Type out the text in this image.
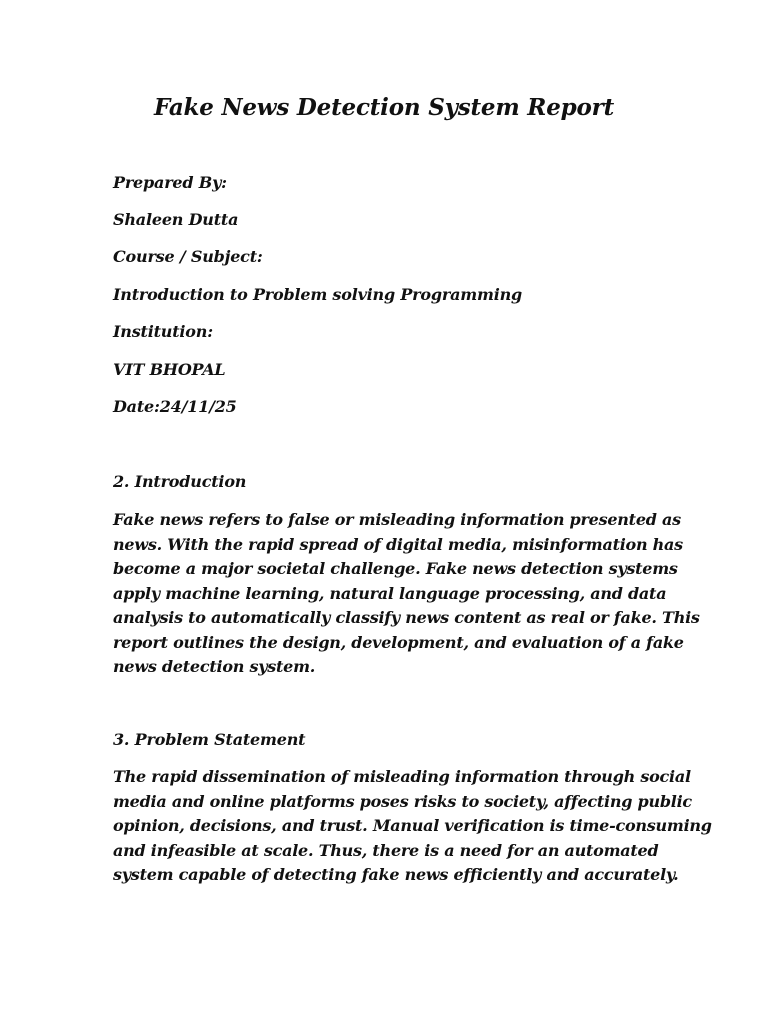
Fake News Detection System Report
Prepared By:
Shaleen Dutta
Course / Subject:
Introduction to Problem solving Programming
Institution:
VIT BHOPAL
Date:24/11/25
2. Introduction
Fake news refers to false or misleading information presented as
news. With the rapid spread of digital media, misinformation has
become a major societal challenge. Fake news detection systems
apply machine learning, natural language processing, and data
analysis to automatically classify news content as real or fake. This
report outlines the design, development, and evaluation of a fake
news detection system.
3. Problem Statement
The rapid dissemination of misleading information through social
media and online platforms poses risks to society, affecting public
opinion, decisions, and trust. Manual verification is time-consuming
and infeasible at scale. Thus, there is a need for an automated
system capable of detecting fake news efficiently and accurately.
